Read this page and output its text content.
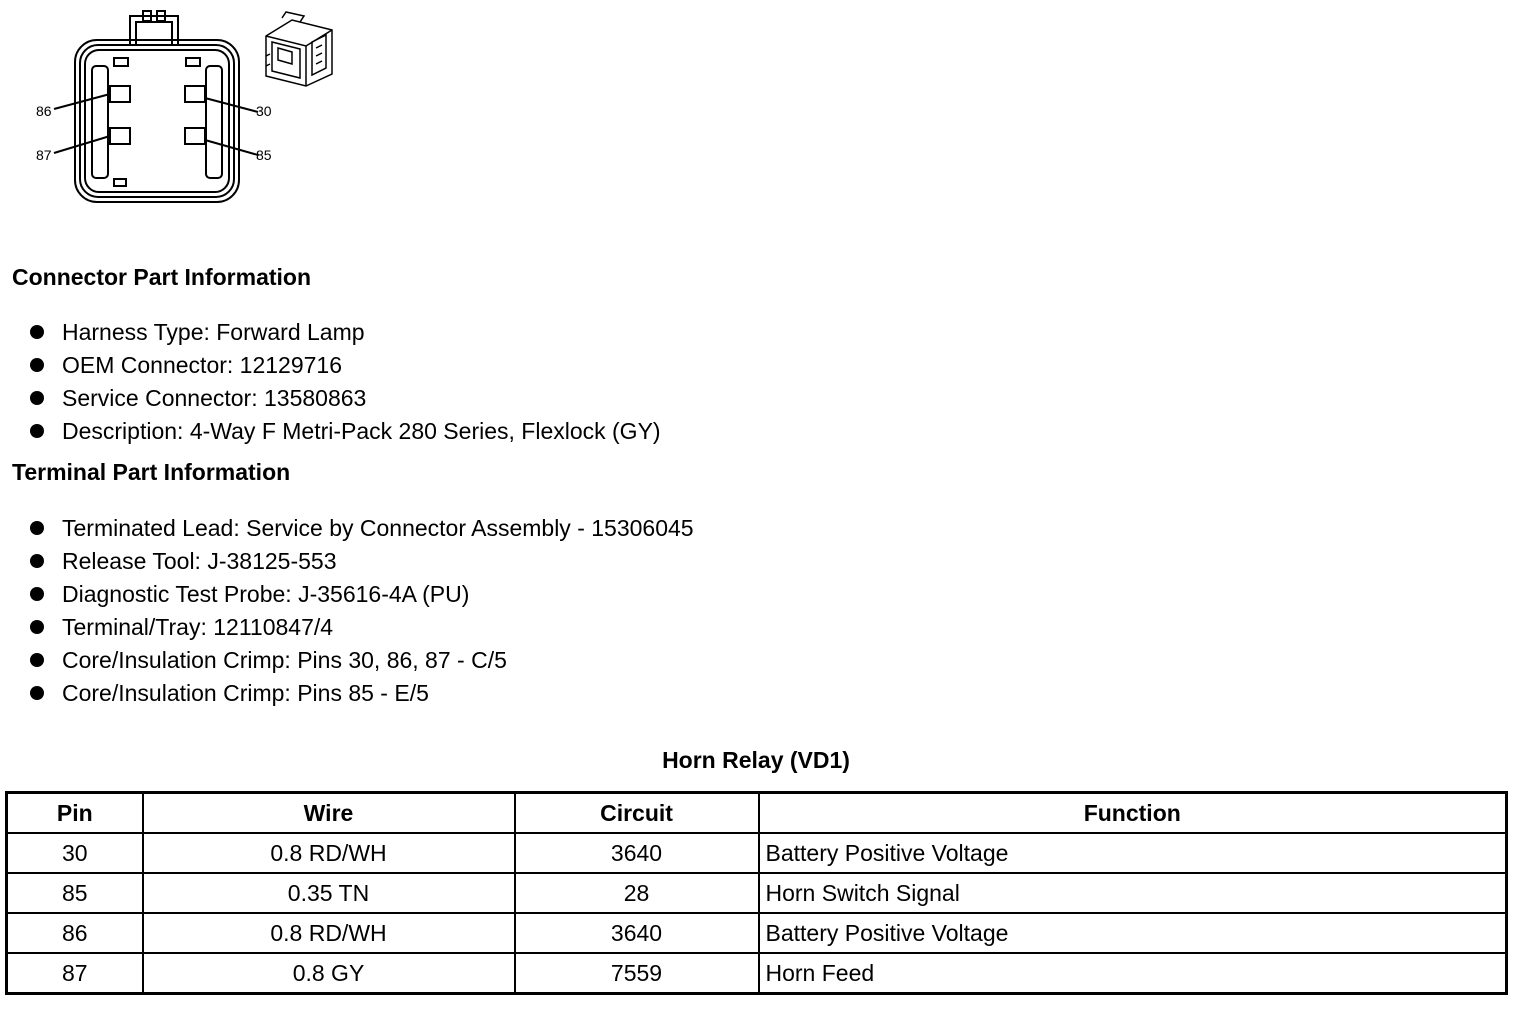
86	30
87	85
Connector Part Information
Harness Type: Forward Lamp
OEM Connector: 12129716
Service Connector: 13580863
Description: 4-Way F Metri-Pack 280 Series, Flexlock (GY)
Terminal Part Information
Terminated Lead: Service by Connector Assembly - 15306045
Release Tool: J-38125-553
Diagnostic Test Probe: J-35616-4A (PU)
Terminal/Tray: 12110847/4
Core/Insulation Crimp: Pins 30, 86, 87 - C/5
Core/Insulation Crimp: Pins 85 - E/5
Horn Relay (VD1)
Pin	Wire	Circuit	Function
30	0.8 RD/WH	3640	Battery Positive Voltage
85	0.35 TN	28	Horn Switch Signal
86	0.8 RD/WH	3640	Battery Positive Voltage
87	0.8 GY	7559	Horn Feed
